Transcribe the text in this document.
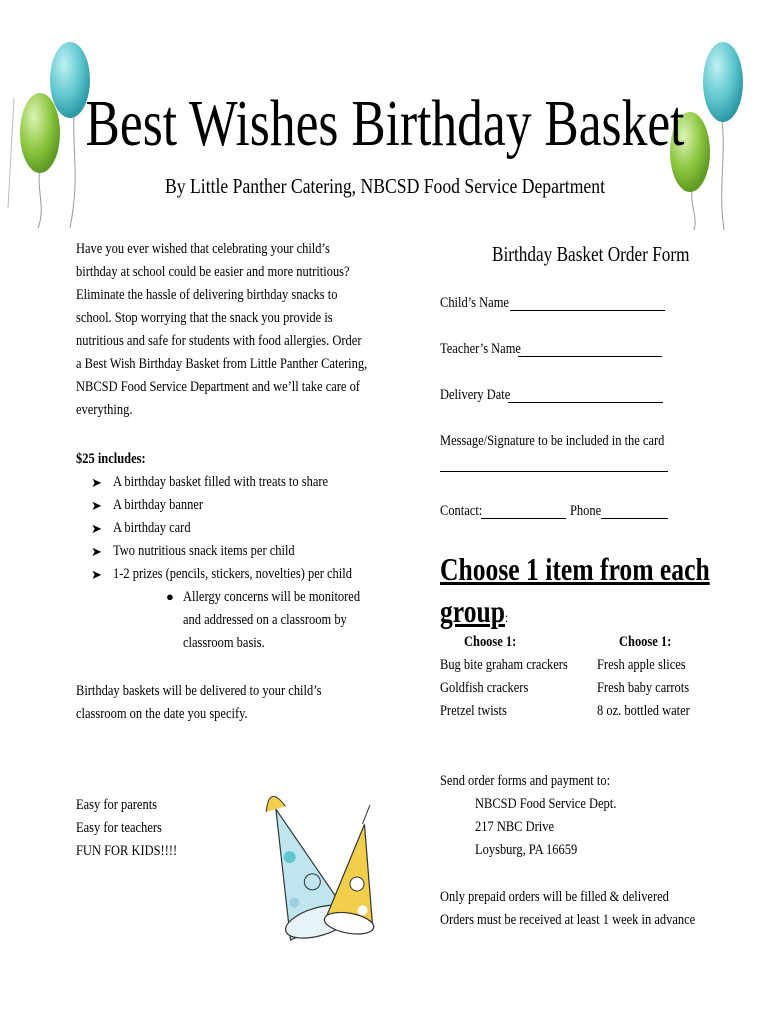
Best Wishes Birthday Basket
By Little Panther Catering, NBCSD Food Service Department
Have you ever wished that celebrating your child’s
birthday at school could be easier and more nutritious?
Eliminate the hassle of delivering birthday snacks to
school. Stop worrying that the snack you provide is
nutritious and safe for students with food allergies. Order
a Best Wish Birthday Basket from Little Panther Catering,
NBCSD Food Service Department and we’ll take care of
everything.
$25 includes:
➤ A birthday basket filled with treats to share
➤ A birthday banner
➤ A birthday card
➤ Two nutritious snack items per child
➤ 1-2 prizes (pencils, stickers, novelties) per child
● Allergy concerns will be monitored
and addressed on a classroom by
classroom basis.
Birthday baskets will be delivered to your child’s
classroom on the date you specify.
Easy for parents
Easy for teachers
FUN FOR KIDS!!!!
Birthday Basket Order Form
Child’s Name
Teacher’s Name
Delivery Date
Message/Signature to be included in the card
Contact:	Phone
Choose 1 item from each
group:
Choose 1:	Choose 1:
Bug bite graham crackers
Goldfish crackers
Pretzel twists
Fresh apple slices
Fresh baby carrots
8 oz. bottled water
Send order forms and payment to:
NBCSD Food Service Dept.
217 NBC Drive
Loysburg, PA 16659
Only prepaid orders will be filled & delivered
Orders must be received at least 1 week in advance
